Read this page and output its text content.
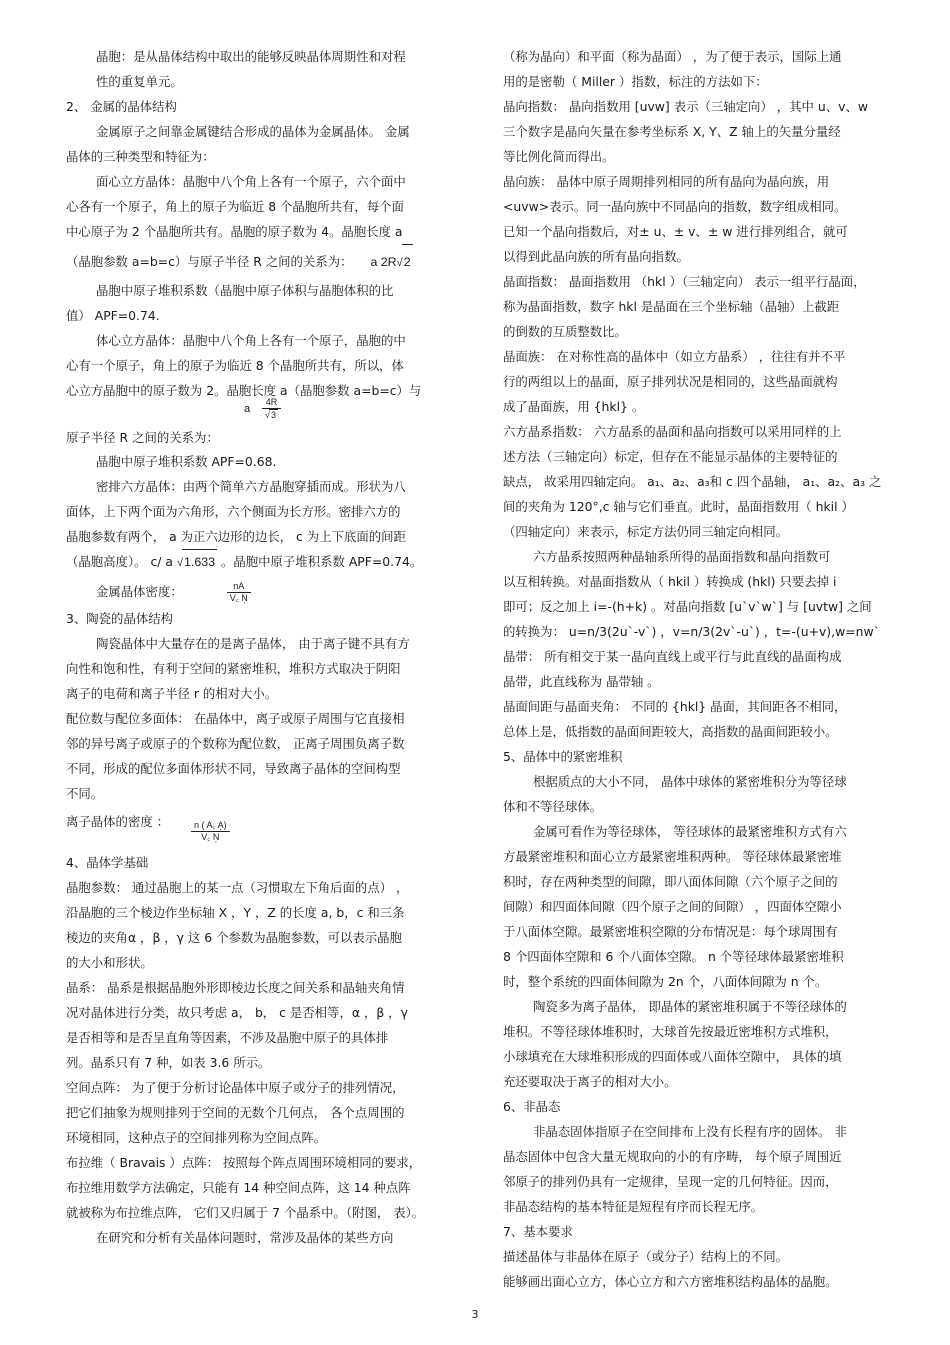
晶胞：是从晶体结构中取出的能够反映晶体周期性和对程
性的重复单元。
2、 金属的晶体结构
金属原子之间靠金属键结合形成的晶体为金属晶体。 金属
晶体的三种类型和特征为：
面心立方晶体：晶胞中八个角上各有一个原子，六个面中
心各有一个原子，角上的原子为临近 8 个晶胞所共有，每个面
中心原子为 2 个晶胞所共有。晶胞的原子数为 4。晶胞长度 a
（晶胞参数 a=b=c）与原子半径 R 之间的关系为： a 2R√2
晶胞中原子堆积系数（晶胞中原子体积与晶胞体积的比
值） APF=0.74.
体心立方晶体：晶胞中八个角上各有一个原子，晶胞的中
心有一个原子，角上的原子为临近 8 个晶胞所共有，所以，体
心立方晶胞中的原子数为 2。晶胞长度 a（晶胞参数 a=b=c）与
a $\frac{4R}{√3}$
原子半径 R 之间的关系为：
晶胞中原子堆积系数 APF=0.68.
密排六方晶体：由两个简单六方晶胞穿插而成。形状为八
面体，上下两个面为六角形，六个侧面为长方形。密排六方的
晶胞参数有两个， a 为正六边形的边长， c 为上下底面的间距
（晶胞高度）。 c/ a √1.633 。晶胞中原子堆积系数 APF=0.74。
金属晶体密度：	$\frac{nA}{V꜀ N᷊}$
3、陶瓷的晶体结构
陶瓷晶体中大量存在的是离子晶体， 由于离子键不具有方
向性和饱和性，有利于空间的紧密堆积，堆积方式取决于阴阳
离子的电荷和离子半径 r 的相对大小。
配位数与配位多面体： 在晶体中，离子或原子周围与它直接相
邻的异号离子或原子的个数称为配位数， 正离子周围负离子数
不同，形成的配位多面体形状不同，导致离子晶体的空间构型
不同。
离子晶体的密度 ： $\frac{n ( A꜀ A᷊)}{V꜀ N᷊}$
4、晶体学基础
晶胞参数： 通过晶胞上的某一点（习惯取左下角后面的点） ，
沿晶胞的三个棱边作坐标轴 X ，Y ，Z 的长度 a, b，c 和三条
棱边的夹角α ，β ，γ 这 6 个参数为晶胞参数，可以表示晶胞
的大小和形状。
晶系： 晶系是根据晶胞外形即棱边长度之间关系和晶轴夹角情
况对晶体进行分类，故只考虑 a， b， c 是否相等，α ，β ，γ
是否相等和是否呈直角等因素，不涉及晶胞中原子的具体排
列。晶系只有 7 种，如表 3.6 所示。
空间点阵： 为了便于分析讨论晶体中原子或分子的排列情况，
把它们抽象为规则排列于空间的无数个几何点， 各个点周围的
环境相同，这种点子的空间排列称为空间点阵。
布拉维（ Bravais ）点阵： 按照每个阵点周围环境相同的要求，
布拉维用数学方法确定，只能有 14 种空间点阵，这 14 种点阵
就被称为布拉维点阵， 它们又归属于 7 个晶系中。（附图， 表）。
在研究和分析有关晶体问题时，常涉及晶体的某些方向
（称为晶向）和平面（称为晶面） ，为了便于表示，国际上通
用的是密勒（ Miller ）指数，标注的方法如下：
晶向指数： 晶向指数用 [uvw] 表示（三轴定向） ，其中 u、v、w
三个数字是晶向矢量在参考坐标系 X, Y、Z 轴上的矢量分量经
等比例化简而得出。
晶向族： 晶体中原子周期排列相同的所有晶向为晶向族，用
<uvw>表示。同一晶向族中不同晶向的指数，数字组成相同。
已知一个晶向指数后，对± u、± v、± w 进行排列组合，就可
以得到此晶向族的所有晶向指数。
晶面指数： 晶面指数用 （hkl ）（三轴定向） 表示一组平行晶面，
称为晶面指数，数字 hkl 是晶面在三个坐标轴（晶轴）上截距
的倒数的互质整数比。
晶面族： 在对称性高的晶体中（如立方晶系） ，往往有并不平
行的两组以上的晶面，原子排列状况是相同的，这些晶面就构
成了晶面族，用 {hkl} 。
六方晶系指数： 六方晶系的晶面和晶向指数可以采用同样的上
述方法（三轴定向）标定，但存在不能显示晶体的主要特征的
缺点， 故采用四轴定向。 a₁、a₂、a₃和 c 四个晶轴， a₁、a₂、a₃ 之
间的夹角为 120°,c 轴与它们垂直。此时，晶面指数用（ hkil ）
（四轴定向）来表示，标定方法仍同三轴定向相同。
六方晶系按照两种晶轴系所得的晶面指数和晶向指数可
以互相转换。对晶面指数从（ hkil ）转换成 (hkl) 只要去掉 i
即可；反之加上 i=-(h+k) 。对晶向指数 [u`v`w`] 与 [uvtw] 之间
的转换为： u=n/3(2u`-v`) ，v=n/3(2v`-u`) ，t=-(u+v),w=nw`
晶带： 所有相交于某一晶向直线上或平行与此直线的晶面构成
晶带，此直线称为 晶带轴 。
晶面间距与晶面夹角： 不同的 {hkl} 晶面，其间距各不相同，
总体上是，低指数的晶面间距较大，高指数的晶面间距较小。
5、晶体中的紧密堆积
根据质点的大小不同， 晶体中球体的紧密堆积分为等径球
体和不等径球体。
金属可看作为等径球体， 等径球体的最紧密堆积方式有六
方最紧密堆积和面心立方最紧密堆积两种。 等径球体最紧密堆
积时，存在两种类型的间隙，即八面体间隙（六个原子之间的
间隙）和四面体间隙（四个原子之间的间隙） ，四面体空隙小
于八面体空隙。最紧密堆积空隙的分布情况是：每个球周围有
8 个四面体空隙和 6 个八面体空隙。 n 个等径球体最紧密堆积
时，整个系统的四面体间隙为 2n 个，八面体间隙为 n 个。
陶瓷多为离子晶体， 即晶体的紧密堆积属于不等径球体的
堆积。不等径球体堆积时，大球首先按最近密堆积方式堆积，
小球填充在大球堆积形成的四面体或八面体空隙中， 具体的填
充还要取决于离子的相对大小。
6、非晶态
非晶态固体指原子在空间排布上没有长程有序的固体。 非
晶态固体中包含大量无规取向的小的有序畴， 每个原子周围近
邻原子的排列仍具有一定规律，呈现一定的几何特征。因而，
非晶态结构的基本特征是短程有序而长程无序。
7、基本要求
描述晶体与非晶体在原子（或分子）结构上的不同。
能够画出面心立方，体心立方和六方密堆积结构晶体的晶胞。
3
